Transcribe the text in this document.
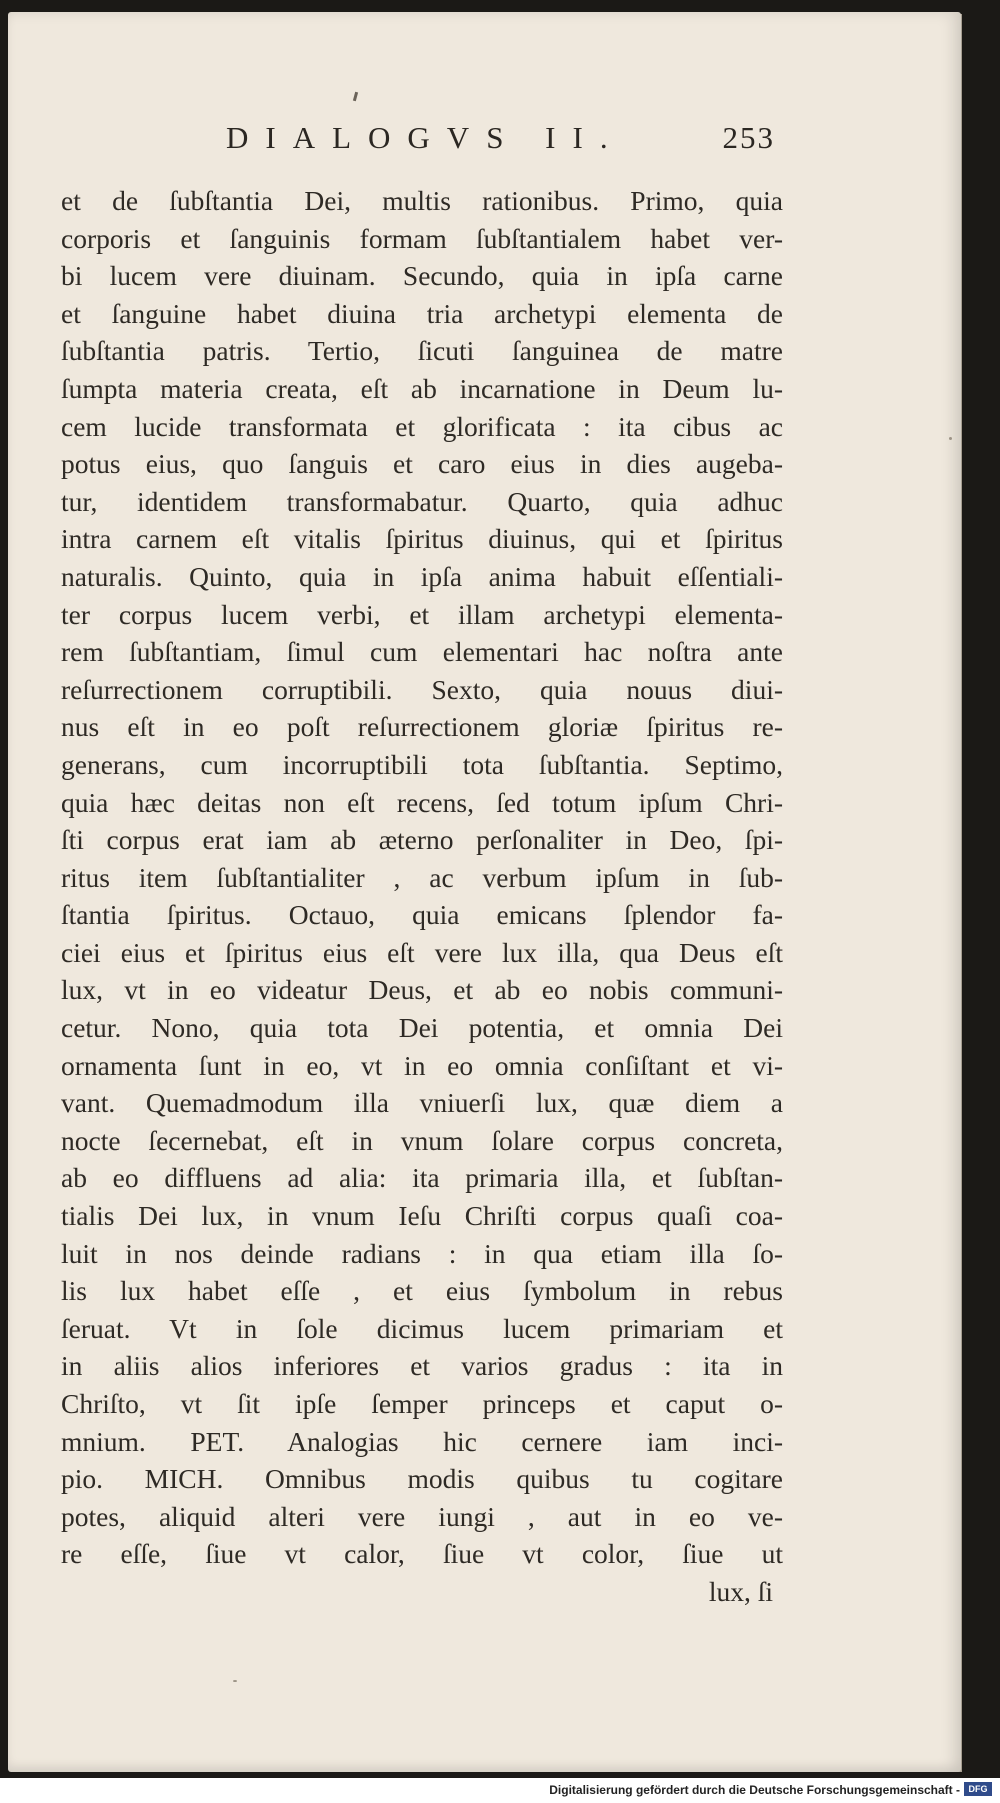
DIALOGVS II.	253
et de ſubſtantia Dei, multis rationibus. Primo, quia
corporis et ſanguinis formam ſubſtantialem habet ver-
bi lucem vere diuinam. Secundo, quia in ipſa carne
et ſanguine habet diuina tria archetypi elementa de
ſubſtantia patris. Tertio, ſicuti ſanguinea de matre
ſumpta materia creata, eſt ab incarnatione in Deum lu-
cem lucide transformata et glorificata : ita cibus ac
potus eius, quo ſanguis et caro eius in dies augeba-
tur, identidem transformabatur. Quarto, quia adhuc
intra carnem eſt vitalis ſpiritus diuinus, qui et ſpiritus
naturalis. Quinto, quia in ipſa anima habuit eſſentiali-
ter corpus lucem verbi, et illam archetypi elementa-
rem ſubſtantiam, ſimul cum elementari hac noſtra ante
reſurrectionem corruptibili. Sexto, quia nouus diui-
nus eſt in eo poſt reſurrectionem gloriæ ſpiritus re-
generans, cum incorruptibili tota ſubſtantia. Septimo,
quia hæc deitas non eſt recens, ſed totum ipſum Chri-
ſti corpus erat iam ab æterno perſonaliter in Deo, ſpi-
ritus item ſubſtantialiter , ac verbum ipſum in ſub-
ſtantia ſpiritus. Octauo, quia emicans ſplendor fa-
ciei eius et ſpiritus eius eſt vere lux illa, qua Deus eſt
lux, vt in eo videatur Deus, et ab eo nobis communi-
cetur. Nono, quia tota Dei potentia, et omnia Dei
ornamenta ſunt in eo, vt in eo omnia conſiſtant et vi-
vant. Quemadmodum illa vniuerſi lux, quæ diem a
nocte ſecernebat, eſt in vnum ſolare corpus concreta,
ab eo diffluens ad alia: ita primaria illa, et ſubſtan-
tialis Dei lux, in vnum Ieſu Chriſti corpus quaſi coa-
luit in nos deinde radians : in qua etiam illa ſo-
lis lux habet eſſe , et eius ſymbolum in rebus
ſeruat. Vt in ſole dicimus lucem primariam et
in aliis alios inferiores et varios gradus : ita in
Chriſto, vt ſit ipſe ſemper princeps et caput o-
mnium. PET. Analogias hic cernere iam inci-
pio. MICH. Omnibus modis quibus tu cogitare
potes, aliquid alteri vere iungi , aut in eo ve-
re eſſe, ſiue vt calor, ſiue vt color, ſiue ut
lux, ſi
Digitalisierung gefördert durch die Deutsche Forschungsgemeinschaft - DFG
